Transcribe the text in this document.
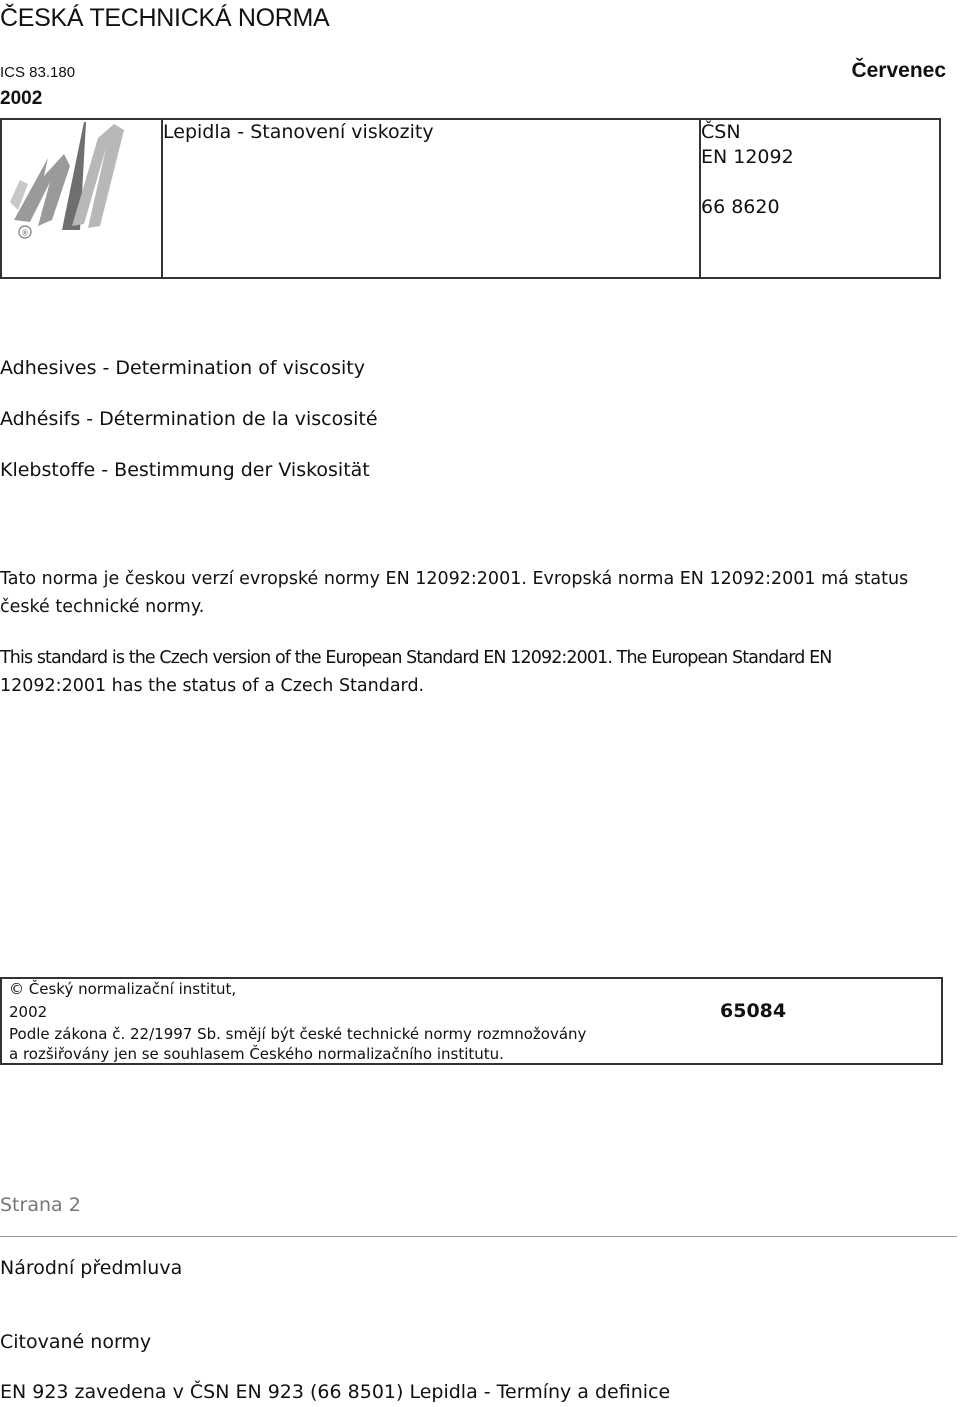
ČESKÁ TECHNICKÁ NORMA
ICS 83.180
2002
Červenec
®
Lepidla - Stanovení viskozity	ČSN
EN 12092
66 8620
Adhesives - Determination of viscosity
Adhésifs - Détermination de la viscosité
Klebstoffe - Bestimmung der Viskosität
Tato norma je českou verzí evropské normy EN 12092:2001. Evropská norma EN 12092:2001 má status
české technické normy.
This standard is the Czech version of the European Standard EN 12092:2001. The European Standard EN
12092:2001 has the status of a Czech Standard.
© Český normalizační institut,
2002	65084
Podle zákona č. 22/1997 Sb. smějí být české technické normy rozmnožovány
a rozšiřovány jen se souhlasem Českého normalizačního institutu.
Strana 2
Národní předmluva
Citované normy
EN 923 zavedena v ČSN EN 923 (66 8501) Lepidla - Termíny a definice
